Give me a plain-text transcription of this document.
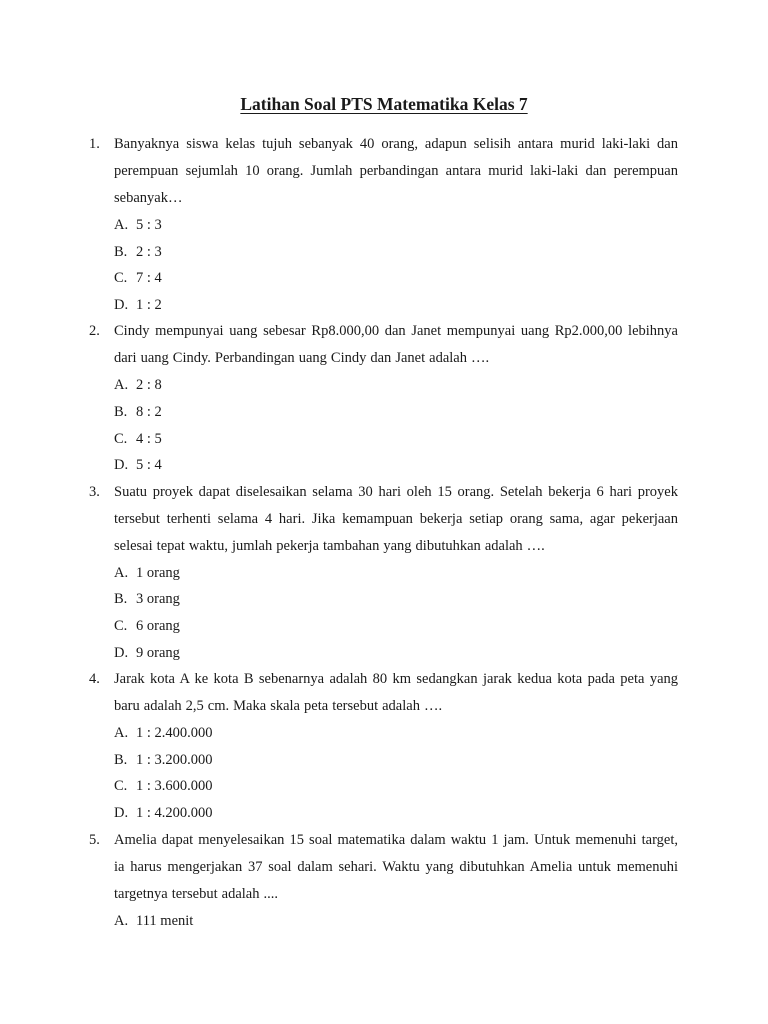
Latihan Soal PTS Matematika Kelas 7
1. Banyaknya siswa kelas tujuh sebanyak 40 orang, adapun selisih antara murid laki-laki dan perempuan sejumlah 10 orang. Jumlah perbandingan antara murid laki-laki dan perempuan sebanyak…
A. 5 : 3
B. 2 : 3
C. 7 : 4
D. 1 : 2
2. Cindy mempunyai uang sebesar Rp8.000,00 dan Janet mempunyai uang Rp2.000,00 lebihnya dari uang Cindy. Perbandingan uang Cindy dan Janet adalah ….
A. 2 : 8
B. 8 : 2
C. 4 : 5
D. 5 : 4
3. Suatu proyek dapat diselesaikan selama 30 hari oleh 15 orang. Setelah bekerja 6 hari proyek tersebut terhenti selama 4 hari. Jika kemampuan bekerja setiap orang sama, agar pekerjaan selesai tepat waktu, jumlah pekerja tambahan yang dibutuhkan adalah ….
A. 1 orang
B. 3 orang
C. 6 orang
D. 9 orang
4. Jarak kota A ke kota B sebenarnya adalah 80 km sedangkan jarak kedua kota pada peta yang baru adalah 2,5 cm. Maka skala peta tersebut adalah ….
A. 1 : 2.400.000
B. 1 : 3.200.000
C. 1 : 3.600.000
D. 1 : 4.200.000
5. Amelia dapat menyelesaikan 15 soal matematika dalam waktu 1 jam. Untuk memenuhi target, ia harus mengerjakan 37 soal dalam sehari. Waktu yang dibutuhkan Amelia untuk memenuhi targetnya tersebut adalah ....
A. 111 menit
